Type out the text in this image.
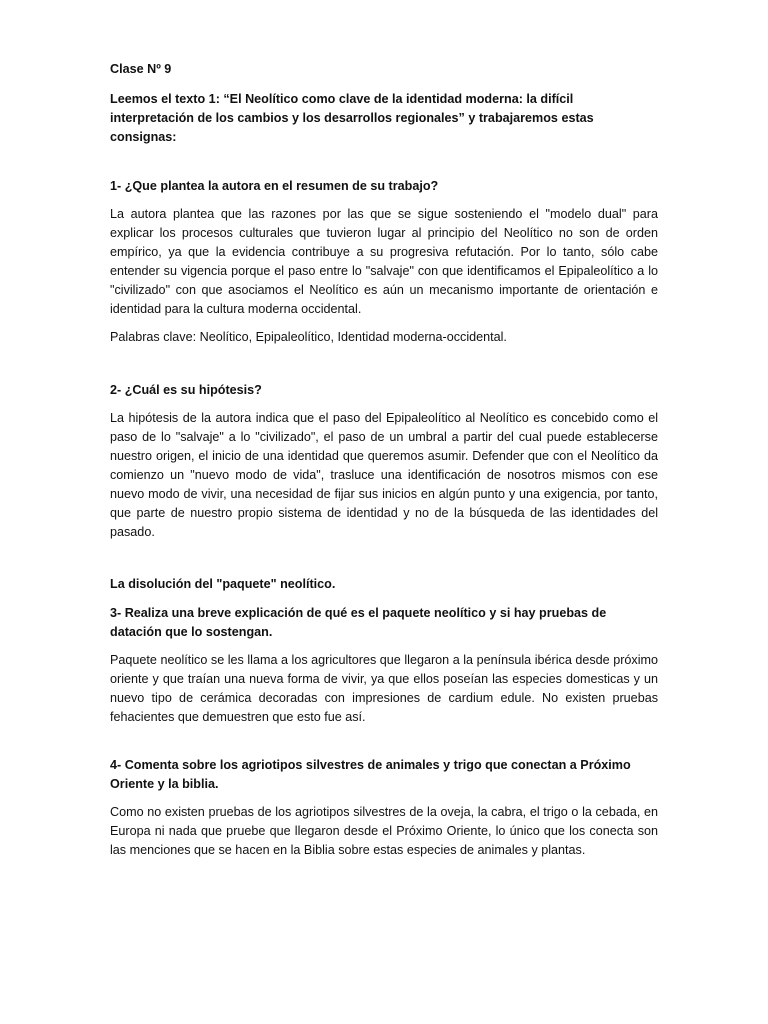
Clase Nº 9

Leemos el texto 1: “El Neolítico como clave de la identidad moderna: la difícil interpretación de los cambios y los desarrollos regionales” y trabajaremos estas consignas:

1- ¿Que plantea la autora en el resumen de su trabajo?

La autora plantea que las razones por las que se sigue sosteniendo el "modelo dual" para explicar los procesos culturales que tuvieron lugar al principio del Neolítico no son de orden empírico, ya que la evidencia contribuye a su progresiva refutación. Por lo tanto, sólo cabe entender su vigencia porque el paso entre lo "salvaje" con que identificamos el Epipaleolítico a lo "civilizado" con que asociamos el Neolítico es aún un mecanismo importante de orientación e identidad para la cultura moderna occidental.

Palabras clave: Neolítico, Epipaleolítico, Identidad moderna-occidental.

2- ¿Cuál es su hipótesis?

La hipótesis de la autora indica que el paso del Epipaleolítico al Neolítico es concebido como el paso de lo "salvaje" a lo "civilizado", el paso de un umbral a partir del cual puede establecerse nuestro origen, el inicio de una identidad que queremos asumir. Defender que con el Neolítico da comienzo un "nuevo modo de vida", trasluce una identificación de nosotros mismos con ese nuevo modo de vivir, una necesidad de fijar sus inicios en algún punto y una exigencia, por tanto, que parte de nuestro propio sistema de identidad y no de la búsqueda de las identidades del pasado.

La disolución del "paquete" neolítico.

3- Realiza una breve explicación de qué es el paquete neolítico y si hay pruebas de datación que lo sostengan.

Paquete neolítico se les llama a los agricultores que llegaron a la península ibérica desde próximo oriente y que traían una nueva forma de vivir, ya que ellos poseían las especies domesticas y un nuevo tipo de cerámica decoradas con impresiones de cardium edule. No existen pruebas fehacientes que demuestren que esto fue así.

4- Comenta sobre los agriotipos silvestres de animales y trigo que conectan a Próximo Oriente y la biblia.

Como no existen pruebas de los agriotipos silvestres de la oveja, la cabra, el trigo o la cebada, en Europa ni nada que pruebe que llegaron desde el Próximo Oriente, lo único que los conecta son las menciones que se hacen en la Biblia sobre estas especies de animales y plantas.
